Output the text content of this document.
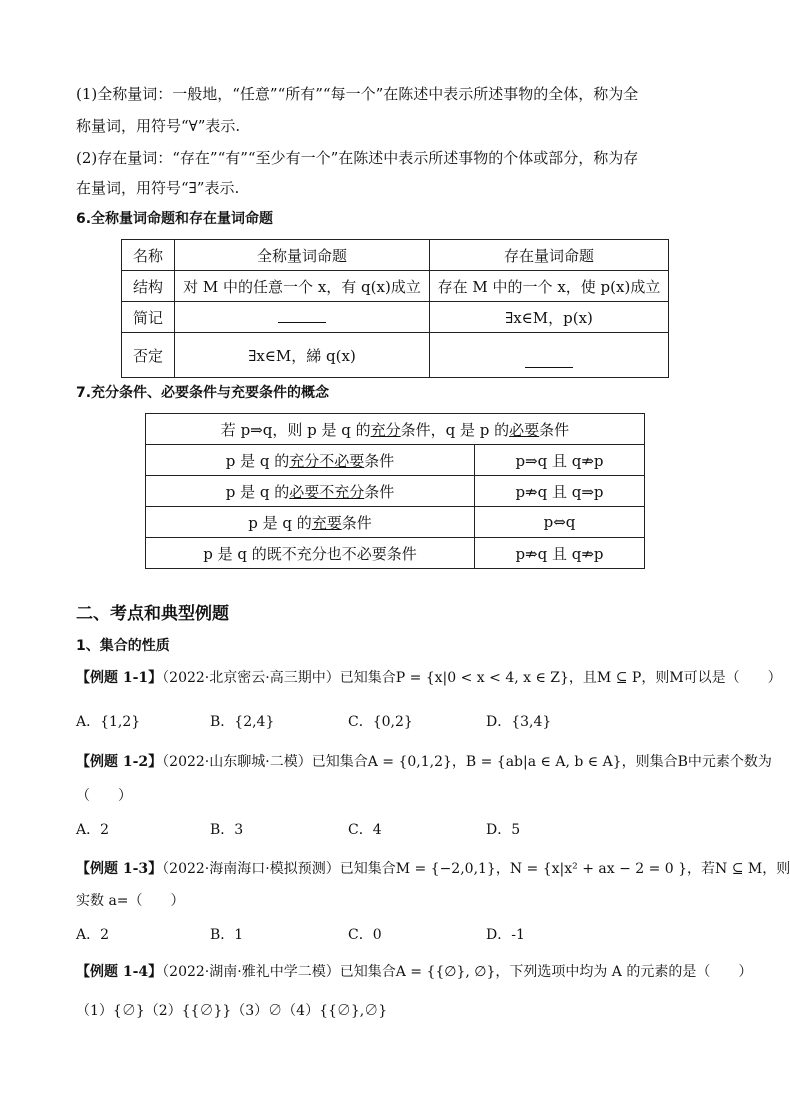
(1)全称量词：一般地，“任意”“所有”“每一个”在陈述中表示所述事物的全体，称为全
称量词，用符号“∀”表示.
(2)存在量词：“存在”“有”“至少有一个”在陈述中表示所述事物的个体或部分，称为存
在量词，用符号“∃”表示.
6.全称量词命题和存在量词命题
名称	全称量词命题	存在量词命题
结构	对 M 中的任意一个 x，有 q(x)成立	存在 M 中的一个 x，使 p(x)成立
简记		∃x∈M，p(x)
否定	∃x∈M，綈 q(x)	
7.充分条件、必要条件与充要条件的概念
若 p⇒q，则 p 是 q 的充分条件，q 是 p 的必要条件	
p 是 q 的充分不必要条件	p⇒q 且 q⇏p
p 是 q 的必要不充分条件	p⇏q 且 q⇒p
p 是 q 的充要条件	p⇔q
p 是 q 的既不充分也不必要条件	p⇏q 且 q⇏p
二、考点和典型例题
1、集合的性质
【例题 1-1】（2022·北京密云·高三期中）已知集合P = {x|0 < x < 4, x ∈ Z}，且M ⊆ P，则M可以是（　　）
A．{1,2}	B．{2,4}	C．{0,2}	D．{3,4}
【例题 1-2】（2022·山东聊城·二模）已知集合A = {0,1,2}，B = {ab|a ∈ A, b ∈ A}，则集合B中元素个数为
（　　）
A．2	B．3	C．4	D．5
【例题 1-3】（2022·海南海口·模拟预测）已知集合M = {−2,0,1}，N = {x|x² + ax − 2 = 0 }，若N ⊆ M，则
实数 a=（　　）
A．2	B．1	C．0	D．-1
【例题 1-4】（2022·湖南·雅礼中学二模）已知集合A = {{∅}, ∅}，下列选项中均为 A 的元素的是（　　）
（1）{∅}（2）{{∅}}（3）∅（4）{{∅},∅}
